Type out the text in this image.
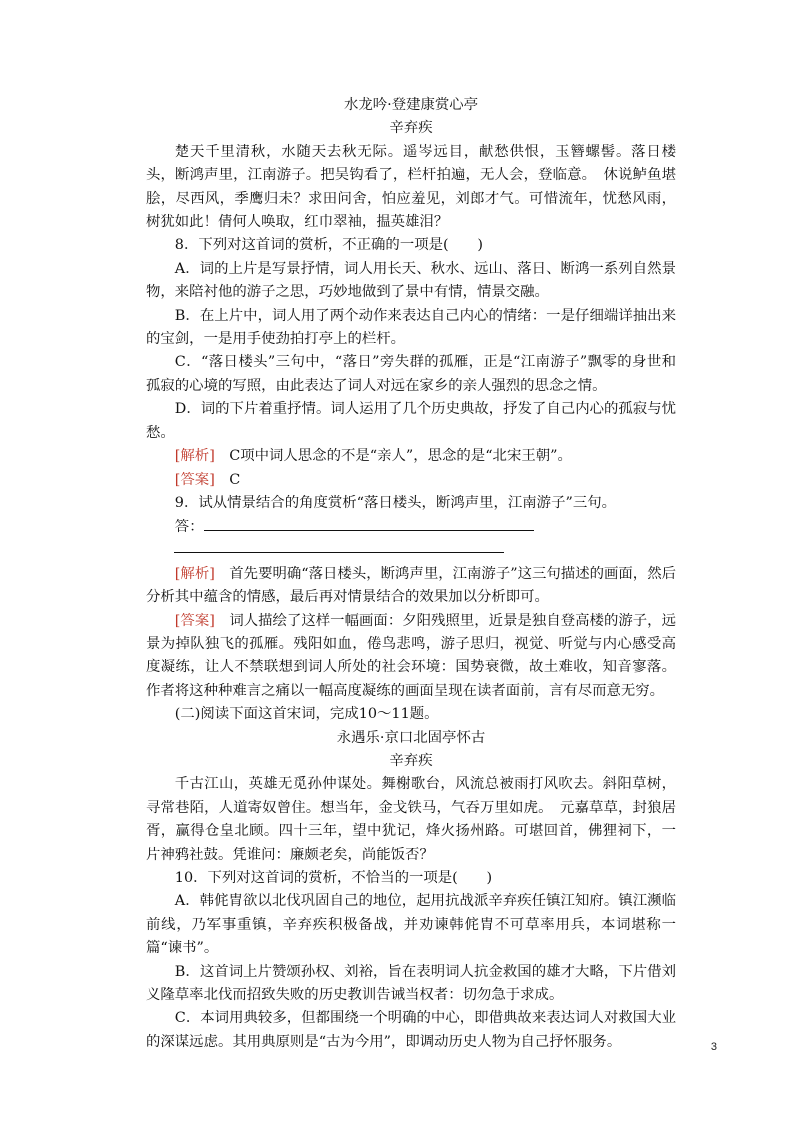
水龙吟·登建康赏心亭
辛弃疾

楚天千里清秋，水随天去秋无际。遥岑远目，献愁供恨，玉簪螺髻。落日楼头，断鸿声里，江南游子。把吴钩看了，栏杆拍遍，无人会，登临意。　休说鲈鱼堪脍，尽西风，季鹰归未？求田问舍，怕应羞见，刘郎才气。可惜流年，忧愁风雨，树犹如此！倩何人唤取，红巾翠袖，揾英雄泪？

8．下列对这首词的赏析，不正确的一项是(　　)

A．词的上片是写景抒情，词人用长天、秋水、远山、落日、断鸿一系列自然景物，来陪衬他的游子之思，巧妙地做到了景中有情，情景交融。

B．在上片中，词人用了两个动作来表达自己内心的情绪：一是仔细端详抽出来的宝剑，一是用手使劲拍打亭上的栏杆。

C．“落日楼头”三句中，“落日”旁失群的孤雁，正是“江南游子”飘零的身世和孤寂的心境的写照，由此表达了词人对远在家乡的亲人强烈的思念之情。

D．词的下片着重抒情。词人运用了几个历史典故，抒发了自己内心的孤寂与忧愁。

[解析]　 C项中词人思念的不是“亲人”，思念的是“北宋王朝”。

[答案]　 C

9．试从情景结合的角度赏析“落日楼头，断鸿声里，江南游子”三句。

答：

[解析]　 首先要明确“落日楼头，断鸿声里，江南游子”这三句描述的画面，然后分析其中蕴含的情感，最后再对情景结合的效果加以分析即可。

[答案]　 词人描绘了这样一幅画面：夕阳残照里，近景是独自登高楼的游子，远景为掉队独飞的孤雁。残阳如血，倦鸟悲鸣，游子思归，视觉、听觉与内心感受高度凝练，让人不禁联想到词人所处的社会环境：国势衰微，故土难收，知音寥落。作者将这种种难言之痛以一幅高度凝练的画面呈现在读者面前，言有尽而意无穷。

(二)阅读下面这首宋词，完成10～11题。

永遇乐·京口北固亭怀古
辛弃疾

千古江山，英雄无觅孙仲谋处。舞榭歌台，风流总被雨打风吹去。斜阳草树，寻常巷陌，人道寄奴曾住。想当年，金戈铁马，气吞万里如虎。　元嘉草草，封狼居胥，赢得仓皇北顾。四十三年，望中犹记，烽火扬州路。可堪回首，佛狸祠下，一片神鸦社鼓。凭谁问：廉颇老矣，尚能饭否？

10．下列对这首词的赏析，不恰当的一项是(　　)

A．韩侂胄欲以北伐巩固自己的地位，起用抗战派辛弃疾任镇江知府。镇江濒临前线，乃军事重镇，辛弃疾积极备战，并劝谏韩侂胄不可草率用兵，本词堪称一篇“谏书”。

B．这首词上片赞颂孙权、刘裕，旨在表明词人抗金救国的雄才大略，下片借刘义隆草率北伐而招致失败的历史教训告诫当权者：切勿急于求成。

C．本词用典较多，但都围绕一个明确的中心，即借典故来表达词人对救国大业的深谋远虑。其用典原则是“古为今用”，即调动历史人物为自己抒怀服务。	3
